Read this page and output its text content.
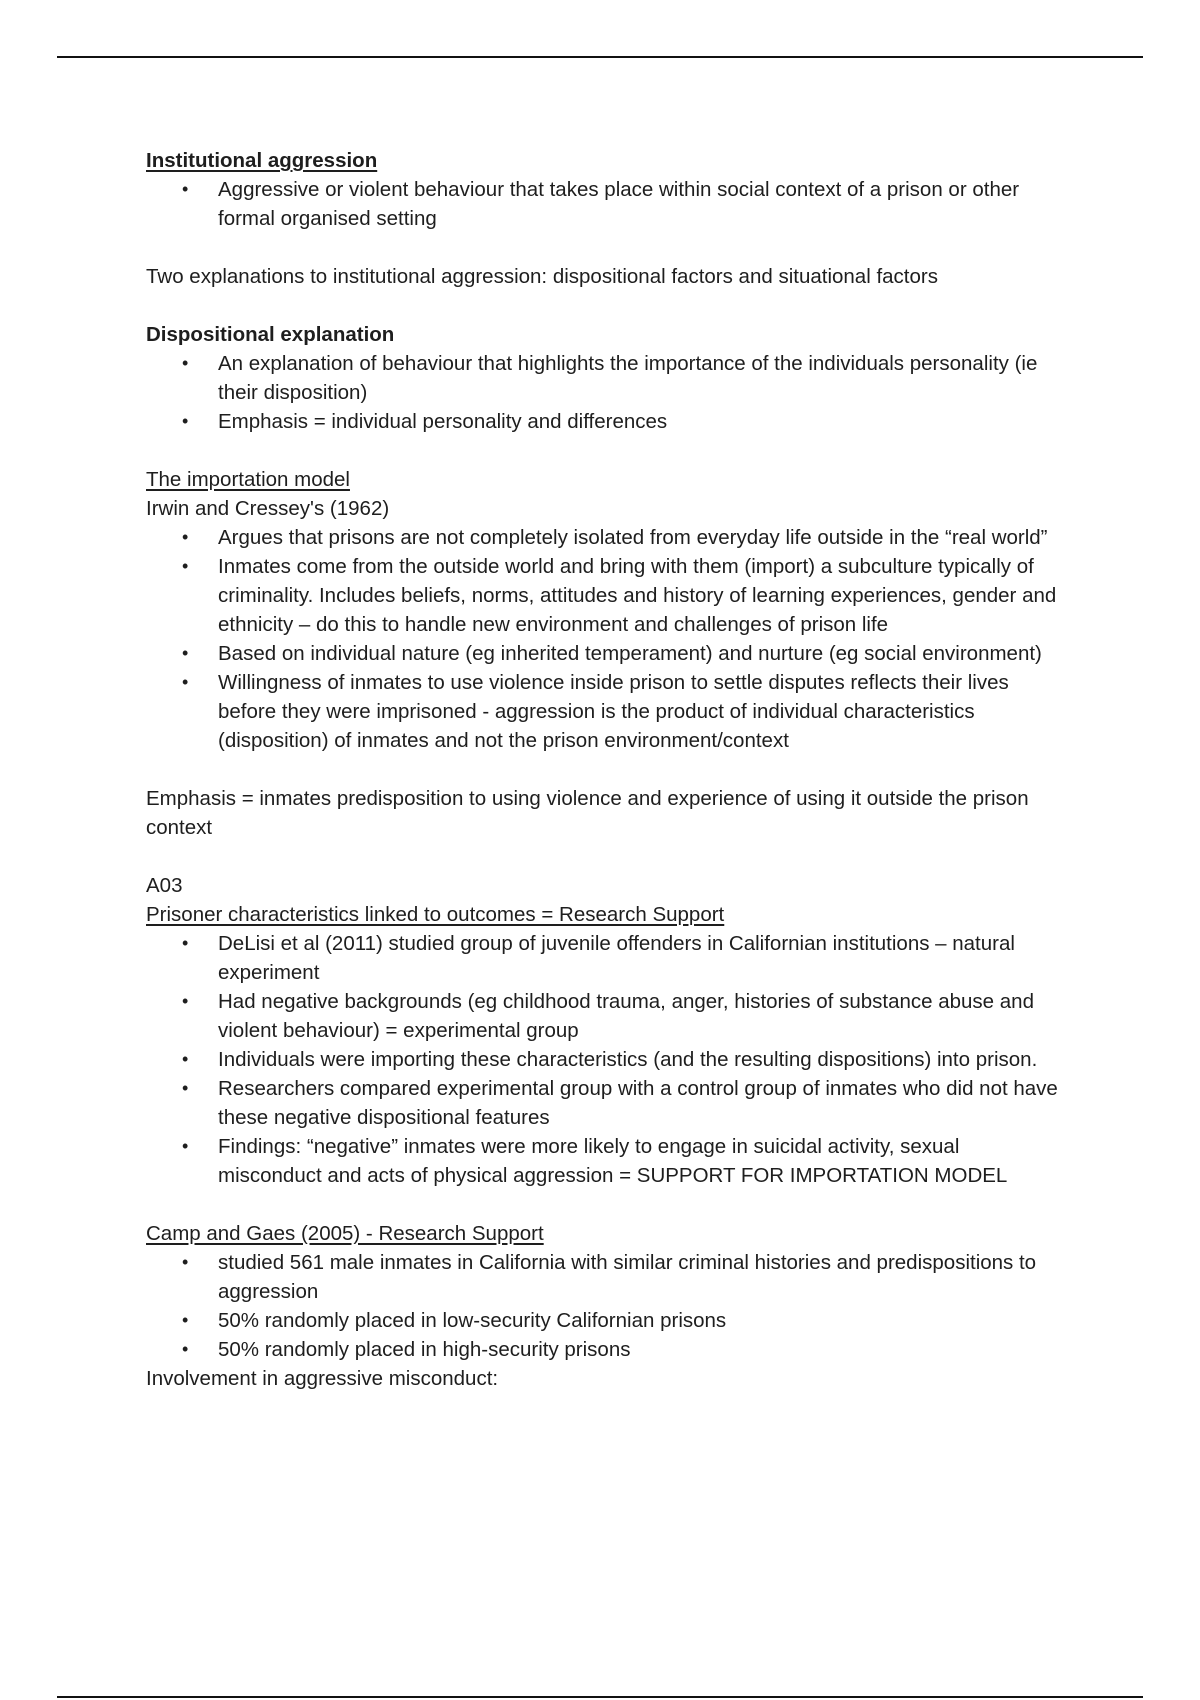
Institutional aggression

• Aggressive or violent behaviour that takes place within social context of a prison or other formal organised setting

Two explanations to institutional aggression: dispositional factors and situational factors

Dispositional explanation

• An explanation of behaviour that highlights the importance of the individuals personality (ie their disposition)
• Emphasis = individual personality and differences

The importation model

Irwin and Cressey's (1962)

• Argues that prisons are not completely isolated from everyday life outside in the “real world”
• Inmates come from the outside world and bring with them (import) a subculture typically of criminality. Includes beliefs, norms, attitudes and history of learning experiences, gender and ethnicity – do this to handle new environment and challenges of prison life
• Based on individual nature (eg inherited temperament) and nurture (eg social environment)
• Willingness of inmates to use violence inside prison to settle disputes reflects their lives before they were imprisoned - aggression is the product of individual characteristics (disposition) of inmates and not the prison environment/context

Emphasis = inmates predisposition to using violence and experience of using it outside the prison context

A03

Prisoner characteristics linked to outcomes = Research Support

• DeLisi et al (2011) studied group of juvenile offenders in Californian institutions – natural experiment
• Had negative backgrounds (eg childhood trauma, anger, histories of substance abuse and violent behaviour) = experimental group
• Individuals were importing these characteristics (and the resulting dispositions) into prison.
• Researchers compared experimental group with a control group of inmates who did not have these negative dispositional features
• Findings: “negative” inmates were more likely to engage in suicidal activity, sexual misconduct and acts of physical aggression = SUPPORT FOR IMPORTATION MODEL

Camp and Gaes (2005) - Research Support

• studied 561 male inmates in California with similar criminal histories and predispositions to aggression
• 50% randomly placed in low-security Californian prisons
• 50% randomly placed in high-security prisons

Involvement in aggressive misconduct:
